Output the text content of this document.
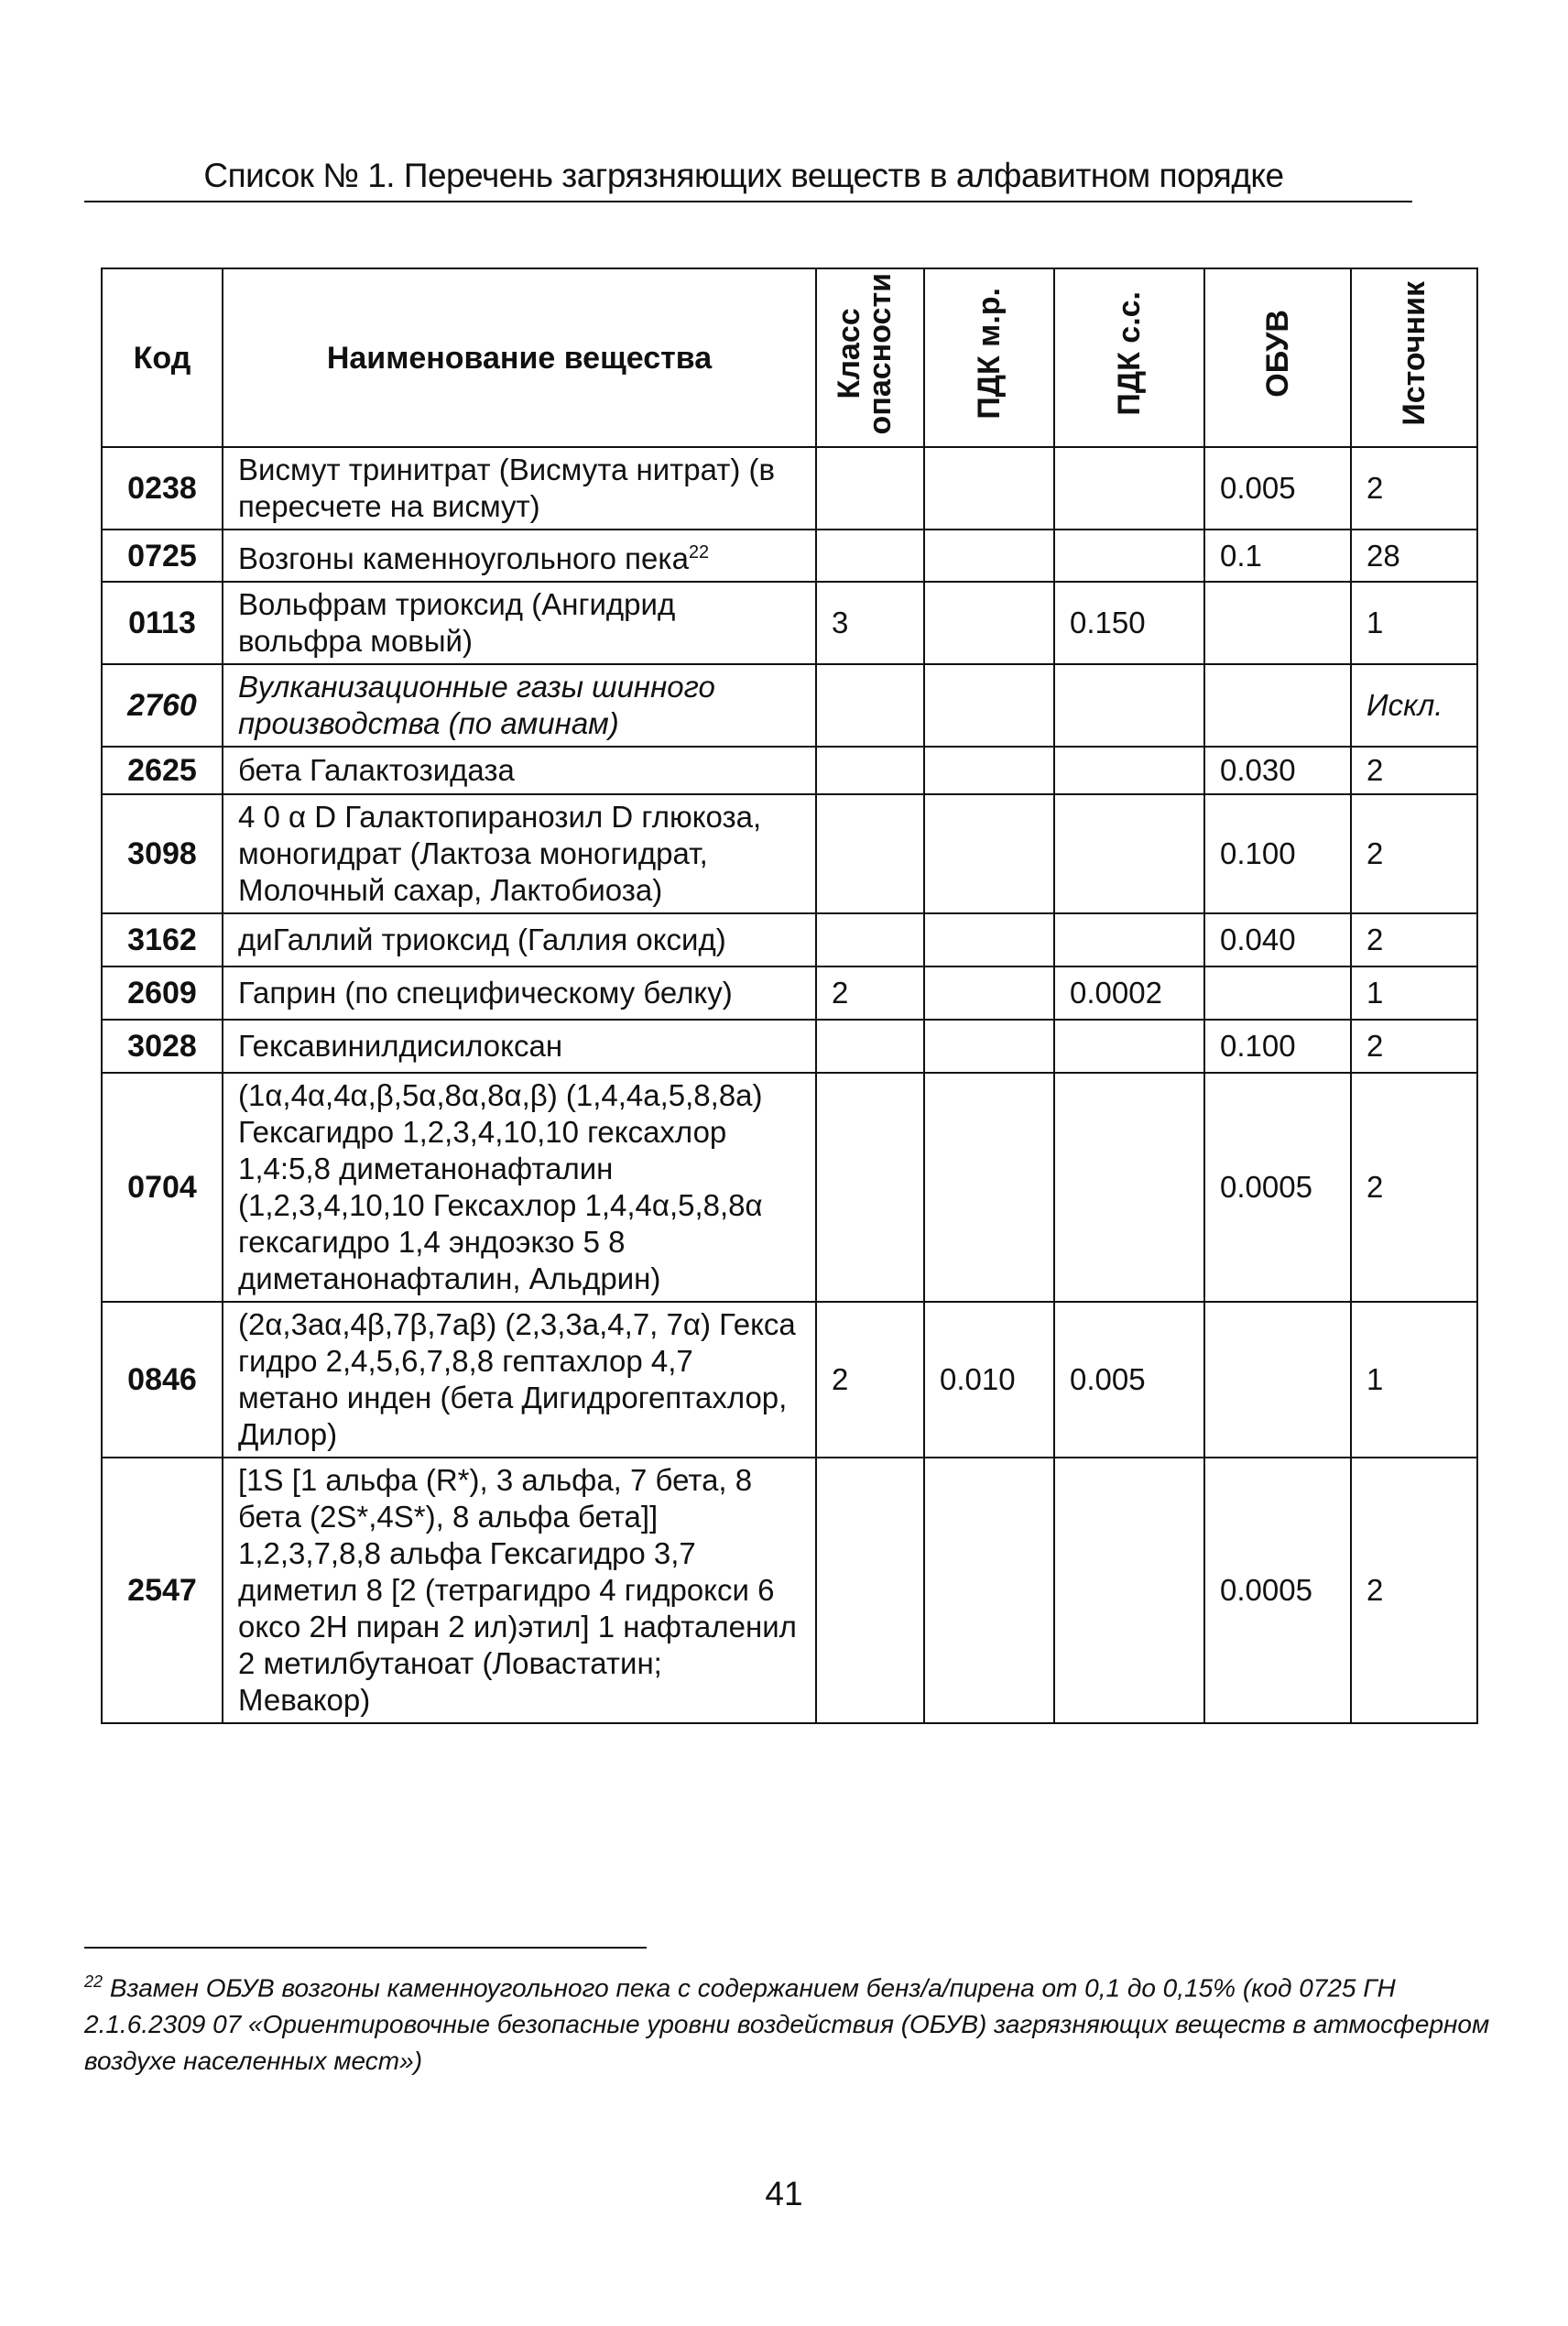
Список № 1. Перечень загрязняющих веществ в алфавитном порядке
Код	Наименование вещества	Класс опасности	ПДК м.р.	ПДК с.с.	ОБУВ	Источник
0238	Висмут тринитрат (Висмута нитрат) (в пересчете на висмут)				0.005	2
0725	Возгоны каменноугольного пека$^{22}$				0.1	28
0113	Вольфрам триоксид (Ангидрид вольфра мовый)	3		0.150		1
2760	Вулканизационные газы шинного производства (по аминам)					Искл.
2625	бета Галактозидаза				0.030	2
3098	4 0 α D Галактопиранозил D глюкоза, моногидрат (Лактоза моногидрат, Молочный сахар, Лактобиоза)				0.100	2
3162	диГаллий триоксид (Галлия оксид)				0.040	2
2609	Гаприн (по специфическому белку)	2		0.0002		1
3028	Гексавинилдисилоксан				0.100	2
0704	(1α,4α,4α,β,5α,8α,8α,β) (1,4,4a,5,8,8a) Гексагидро 1,2,3,4,10,10 гексахлор 1,4:5,8 диметанонафталин (1,2,3,4,10,10 Гексахлор 1,4,4α,5,8,8α гексагидро 1,4 эндоэкзо 5 8 диметанонафталин, Альдрин)				0.0005	2
0846	(2α,3aα,4β,7β,7aβ) (2,3,3a,4,7, 7α) Гекса гидро 2,4,5,6,7,8,8 гептахлор 4,7 метано инден (бета Дигидрогептахлор, Дилор)	2	0.010	0.005		1
2547	[1S [1 альфа (R*), 3 альфа, 7 бета, 8 бета (2S*,4S*), 8 альфа бета]] 1,2,3,7,8,8 альфа Гексагидро 3,7 диметил 8 [2 (тетрагидро 4 гидрокси 6 оксо 2Н пиран 2 ил)этил] 1 нафталенил 2 метилбутаноат (Ловастатин; Мевакор)				0.0005	2
$^{22}$ Взамен ОБУВ возгоны каменноугольного пека с содержанием бенз/а/пирена от 0,1 до 0,15% (код 0725 ГН 2.1.6.2309 07 «Ориентировочные безопасные уровни воздействия (ОБУВ) загрязняющих веществ в атмосферном воздухе населенных мест»)
41
